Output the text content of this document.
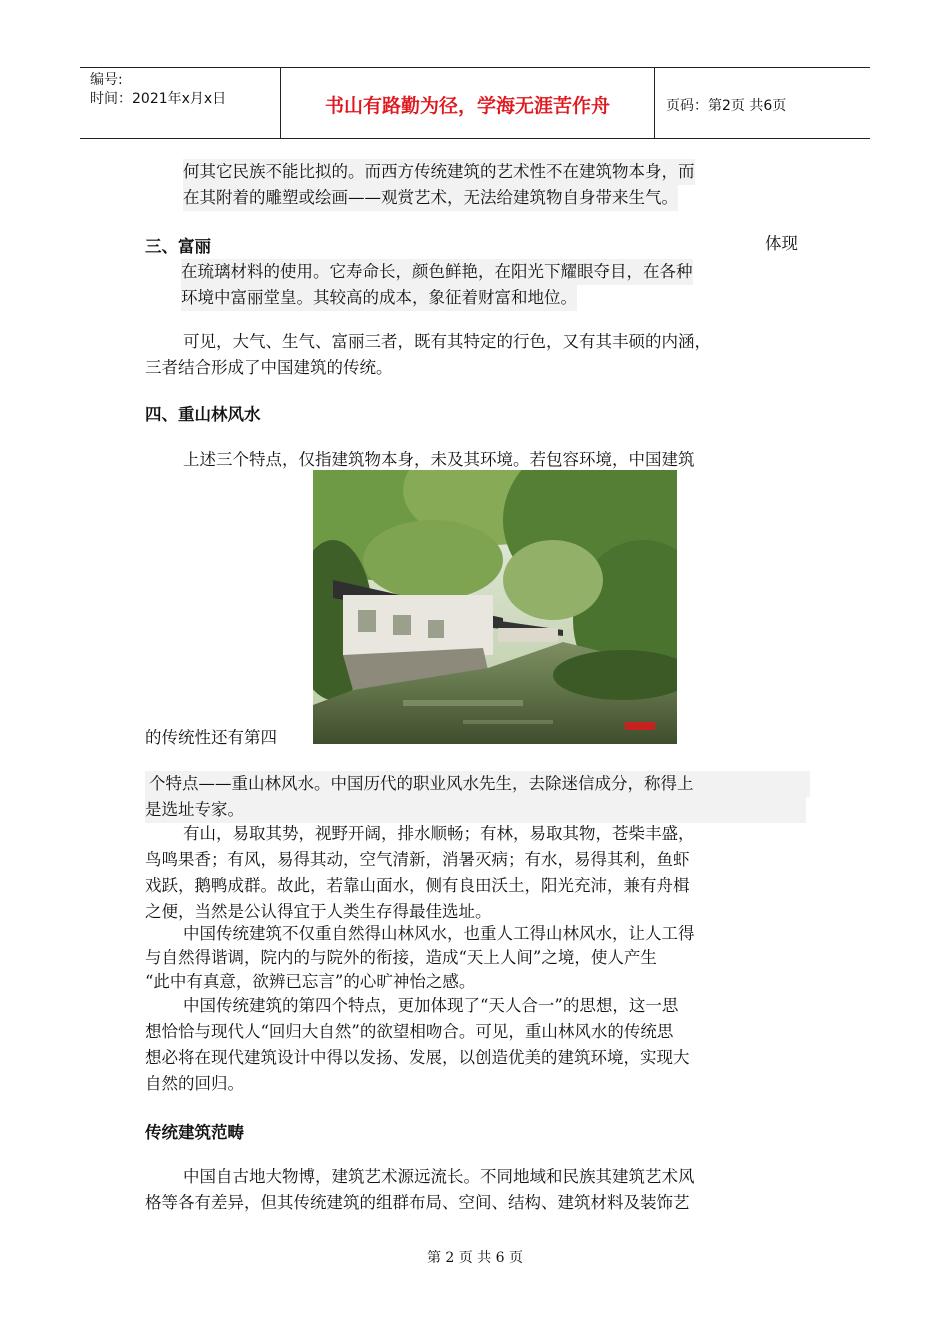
编号:
时间：2021年x月x日	书山有路勤为径，学海无涯苦作舟	页码：第2页 共6页
何其它民族不能比拟的。而西方传统建筑的艺术性不在建筑物本身，而
在其附着的雕塑或绘画——观赏艺术，无法给建筑物自身带来生气。
三、富丽	体现
在琉璃材料的使用。它寿命长，颜色鲜艳，在阳光下耀眼夺目，在各种
环境中富丽堂皇。其较高的成本，象征着财富和地位。
可见，大气、生气、富丽三者，既有其特定的行色，又有其丰硕的内涵，
三者结合形成了中国建筑的传统。
四、重山林风水
上述三个特点，仅指建筑物本身，未及其环境。若包容环境，中国建筑
的传统性还有第四
个特点——重山林风水。中国历代的职业风水先生，去除迷信成分，称得上
是选址专家。
有山，易取其势，视野开阔，排水顺畅；有林，易取其物，苍柴丰盛，
鸟鸣果香；有风，易得其动，空气清新，消暑灭病；有水，易得其利，鱼虾
戏跃，鹅鸭成群。故此，若靠山面水，侧有良田沃土，阳光充沛，兼有舟楫
之便，当然是公认得宜于人类生存得最佳选址。
中国传统建筑不仅重自然得山林风水，也重人工得山林风水，让人工得
与自然得谐调，院内的与院外的衔接，造成“天上人间”之境，使人产生
“此中有真意，欲辨已忘言”的心旷神怡之感。
中国传统建筑的第四个特点，更加体现了“天人合一”的思想，这一思
想恰恰与现代人“回归大自然”的欲望相吻合。可见，重山林风水的传统思
想必将在现代建筑设计中得以发扬、发展，以创造优美的建筑环境，实现大
自然的回归。
传统建筑范畴
中国自古地大物博，建筑艺术源远流长。不同地域和民族其建筑艺术风
格等各有差异，但其传统建筑的组群布局、空间、结构、建筑材料及装饰艺
第 2 页 共 6 页
